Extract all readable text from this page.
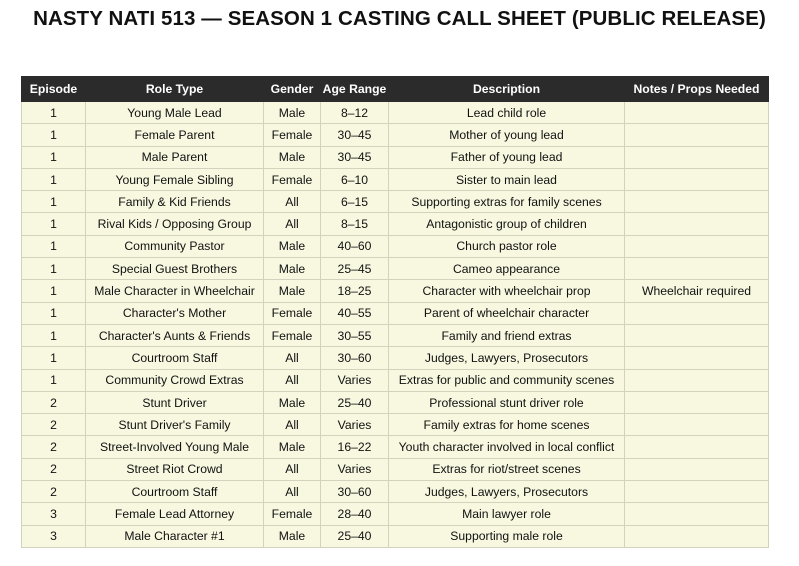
NASTY NATI 513 — SEASON 1 CASTING CALL SHEET (PUBLIC RELEASE)
Episode	Role Type	Gender	Age Range	Description	Notes / Props Needed
1	Young Male Lead	Male	8–12	Lead child role	
1	Female Parent	Female	30–45	Mother of young lead	
1	Male Parent	Male	30–45	Father of young lead	
1	Young Female Sibling	Female	6–10	Sister to main lead	
1	Family & Kid Friends	All	6–15	Supporting extras for family scenes	
1	Rival Kids / Opposing Group	All	8–15	Antagonistic group of children	
1	Community Pastor	Male	40–60	Church pastor role	
1	Special Guest Brothers	Male	25–45	Cameo appearance	
1	Male Character in Wheelchair	Male	18–25	Character with wheelchair prop	Wheelchair required
1	Character's Mother	Female	40–55	Parent of wheelchair character	
1	Character's Aunts & Friends	Female	30–55	Family and friend extras	
1	Courtroom Staff	All	30–60	Judges, Lawyers, Prosecutors	
1	Community Crowd Extras	All	Varies	Extras for public and community scenes	
2	Stunt Driver	Male	25–40	Professional stunt driver role	
2	Stunt Driver's Family	All	Varies	Family extras for home scenes	
2	Street-Involved Young Male	Male	16–22	Youth character involved in local conflict	
2	Street Riot Crowd	All	Varies	Extras for riot/street scenes	
2	Courtroom Staff	All	30–60	Judges, Lawyers, Prosecutors	
3	Female Lead Attorney	Female	28–40	Main lawyer role	
3	Male Character #1	Male	25–40	Supporting male role	
